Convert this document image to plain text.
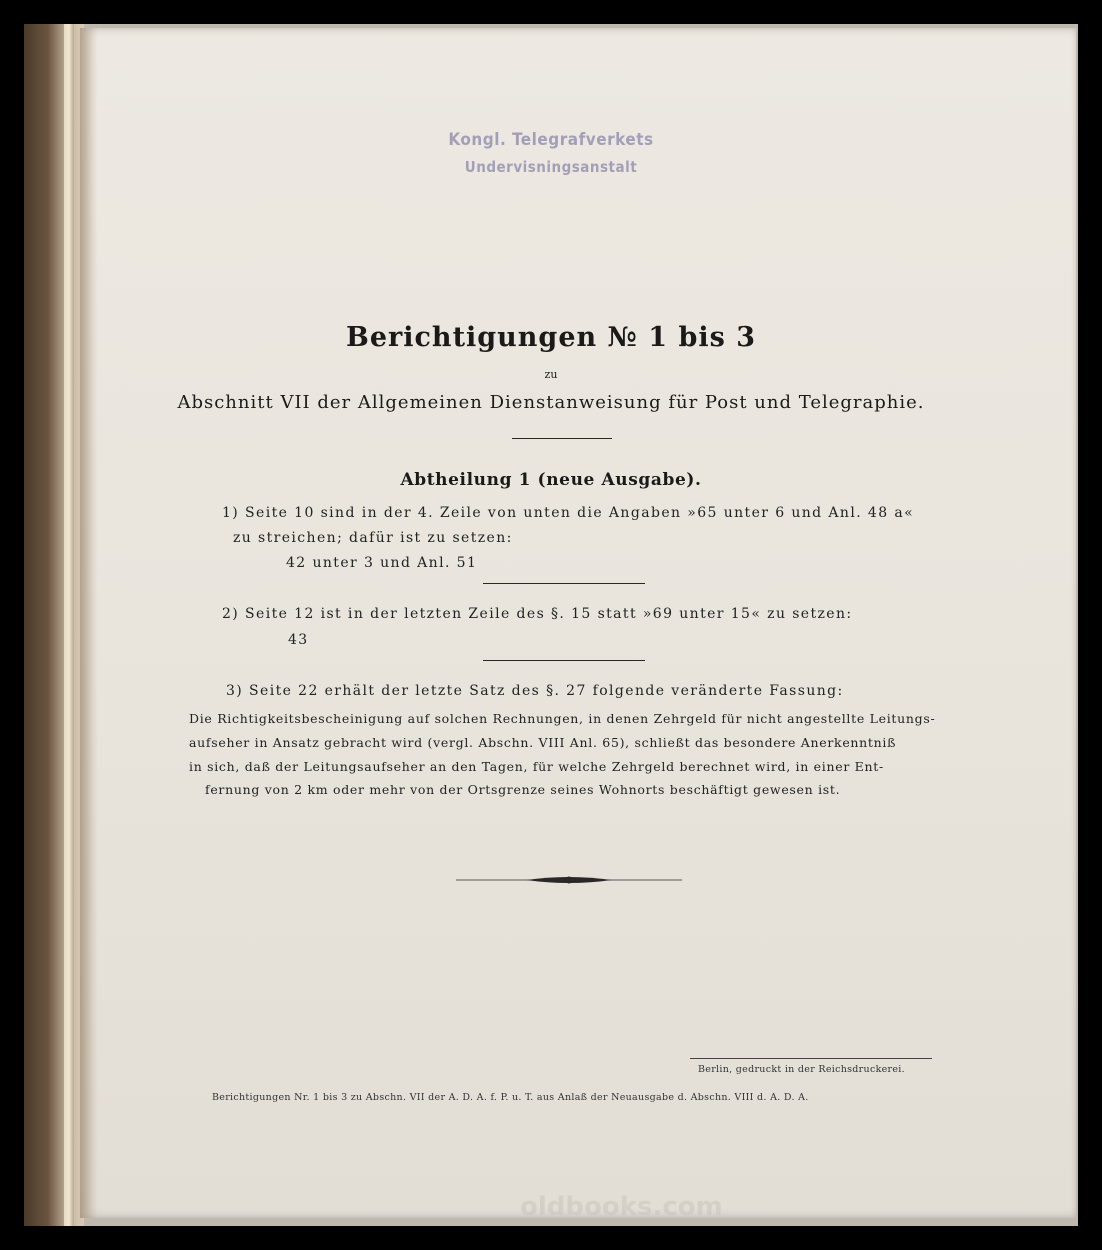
Kongl. Telegrafverkets
Undervisningsanstalt
Berichtigungen № 1 bis 3
zu
Abschnitt VII der Allgemeinen Dienstanweisung für Post und Telegraphie.
Abtheilung 1 (neue Ausgabe).
1) Seite 10 sind in der 4. Zeile von unten die Angaben »65 unter 6 und Anl. 48 a«
zu streichen; dafür ist zu setzen:
42 unter 3 und Anl. 51
2) Seite 12 ist in der letzten Zeile des §. 15 statt »69 unter 15« zu setzen:
43
3) Seite 22 erhält der letzte Satz des §. 27 folgende veränderte Fassung:
Die Richtigkeitsbescheinigung auf solchen Rechnungen, in denen Zehrgeld für nicht angestellte Leitungs-
aufseher in Ansatz gebracht wird (vergl. Abschn. VIII Anl. 65), schließt das besondere Anerkenntniß
in sich, daß der Leitungsaufseher an den Tagen, für welche Zehrgeld berechnet wird, in einer Ent-
fernung von 2 km oder mehr von der Ortsgrenze seines Wohnorts beschäftigt gewesen ist.
Berlin, gedruckt in der Reichsdruckerei.
Berichtigungen Nr. 1 bis 3 zu Abschn. VII der A. D. A. f. P. u. T. aus Anlaß der Neuausgabe d. Abschn. VIII d. A. D. A.
oldbooks.com
